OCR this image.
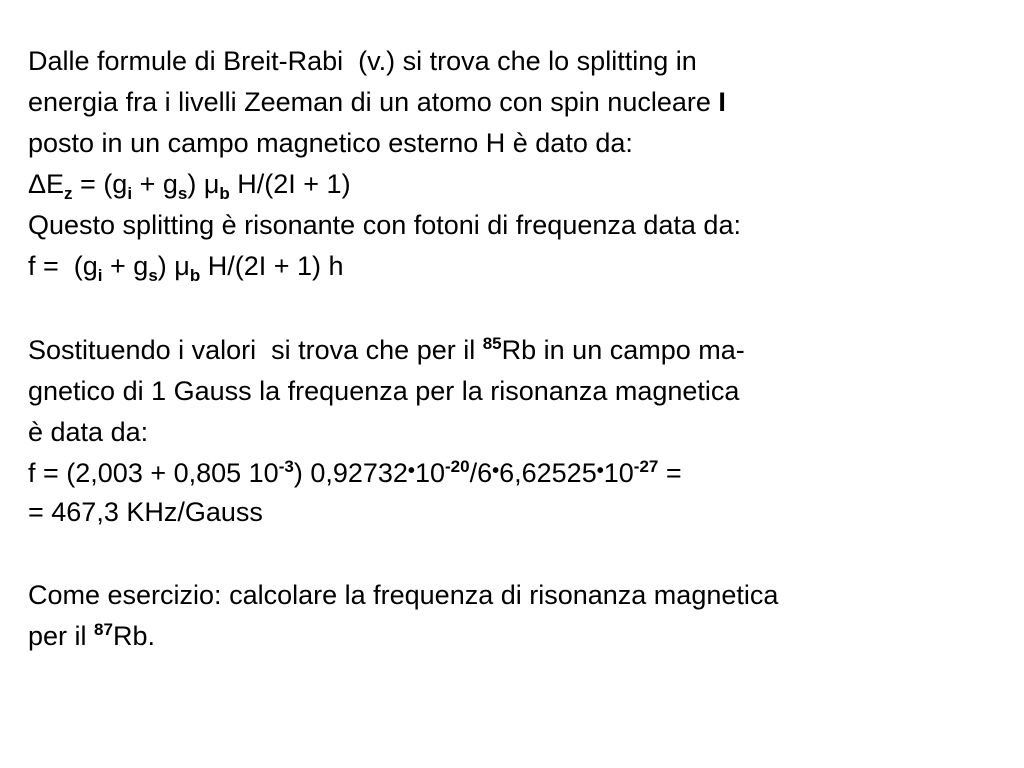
Dalle formule di Breit-Rabi  (v.) si trova che lo splitting in
energia fra i livelli Zeeman di un atomo con spin nucleare I
posto in un campo magnetico esterno H è dato da:
$\Delta E_z = (g_i + g_s)$ $\mu_b$ H/(2I + 1)
Questo splitting è risonante con fotoni di frequenza data da:
$f = (g_i + g_s)$ $\mu_b$ H/(2I + 1) h
Sostituendo i valori  si trova che per il $^{85}$Rb in un campo ma-
gnetico di 1 Gauss la frequenza per la risonanza magnetica
è data da:
f = (2,003 + 0,805 $10^{-3}$) $0,92732•10^{-20}/6•6,62525•10^{-27}$ =
= 467,3 KHz/Gauss
Come esercizio: calcolare la frequenza di risonanza magnetica
per il $^{87}$Rb.
